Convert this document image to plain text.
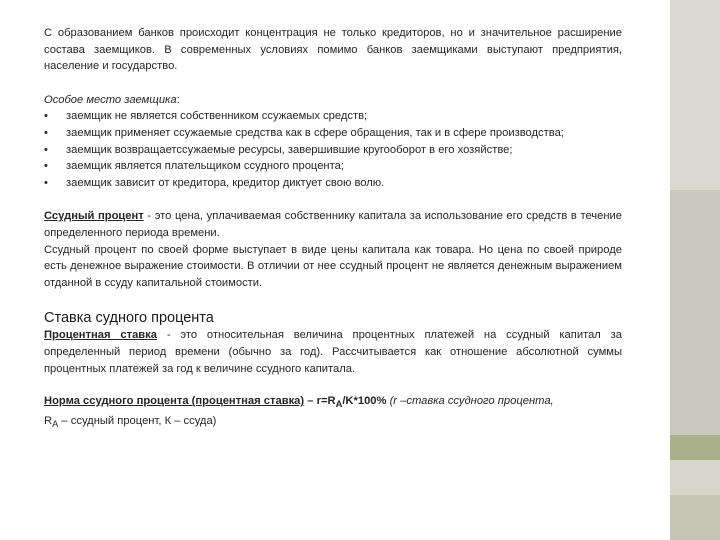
С образованием банков происходит концентрация не только кредиторов, но и значительное расширение состава заемщиков. В современных условиях помимо банков заемщиками выступают предприятия, население и государство.

Особое место заемщика:

• заемщик не является собственником ссужаемых средств;
• заемщик применяет ссужаемые средства как в сфере обращения, так и в сфере производства;
• заемщик возвращаетссужаемые ресурсы, завершившие кругооборот в его хозяйстве;
• заемщик является плательщиком ссудного процента;
• заемщик зависит от кредитора, кредитор диктует свою волю.

Ссудный процент - это цена, уплачиваемая собственнику капитала за использование его средств в течение определенного периода времени.

Ссудный процент по своей форме выступает в виде цены капитала как товара. Но цена по своей природе есть денежное выражение стоимости. В отличии от нее ссудный процент не является денежным выражением отданной в ссуду капитальной стоимости.

Ставка судного процента

Процентная ставка - это относительная величина процентных платежей на ссудный капитал за определенный период времени (обычно за год). Рассчитывается как отношение абсолютной суммы процентных платежей за год к величине ссудного капитала.

Норма ссудного процента (процентная ставка) – $r=R_A/K*100\%$ (r –ставка ссудного процента,
$R_A$ – ссудный процент, К – ссуда)
